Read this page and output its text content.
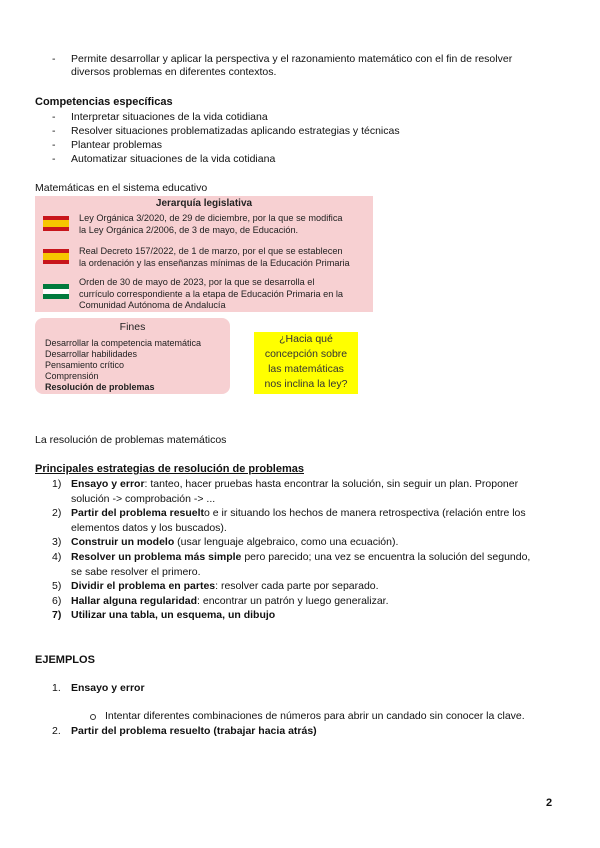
- Permite desarrollar y aplicar la perspectiva y el razonamiento matemático con el fin de resolver
diversos problemas en diferentes contextos.
Competencias específicas
- Interpretar situaciones de la vida cotidiana
- Resolver situaciones problematizadas aplicando estrategias y técnicas
- Plantear problemas
- Automatizar situaciones de la vida cotidiana
Matemáticas en el sistema educativo
Jerarquía legislativa
Ley Orgánica 3/2020, de 29 de diciembre, por la que se modifica
la Ley Orgánica 2/2006, de 3 de mayo, de Educación.
Real Decreto 157/2022, de 1 de marzo, por el que se establecen
la ordenación y las enseñanzas mínimas de la Educación Primaria
Orden de 30 de mayo de 2023, por la que se desarrolla el
currículo correspondiente a la etapa de Educación Primaria en la
Comunidad Autónoma de Andalucía
Fines
Desarrollar la competencia matemática
Desarrollar habilidades
Pensamiento crítico
Comprensión
Resolución de problemas
¿Hacia qué
concepción sobre
las matemáticas
nos inclina la ley?
La resolución de problemas matemáticos
Principales estrategias de resolución de problemas
1) Ensayo y error: tanteo, hacer pruebas hasta encontrar la solución, sin seguir un plan. Proponer
solución -> comprobación -> ...
2) Partir del problema resuelto e ir situando los hechos de manera retrospectiva (relación entre los
elementos datos y los buscados).
3) Construir un modelo (usar lenguaje algebraico, como una ecuación).
4) Resolver un problema más simple pero parecido; una vez se encuentra la solución del segundo,
se sabe resolver el primero.
5) Dividir el problema en partes: resolver cada parte por separado.
6) Hallar alguna regularidad: encontrar un patrón y luego generalizar.
7) Utilizar una tabla, un esquema, un dibujo
EJEMPLOS
1. Ensayo y error
Intentar diferentes combinaciones de números para abrir un candado sin conocer la clave.
2. Partir del problema resuelto (trabajar hacia atrás)
2
